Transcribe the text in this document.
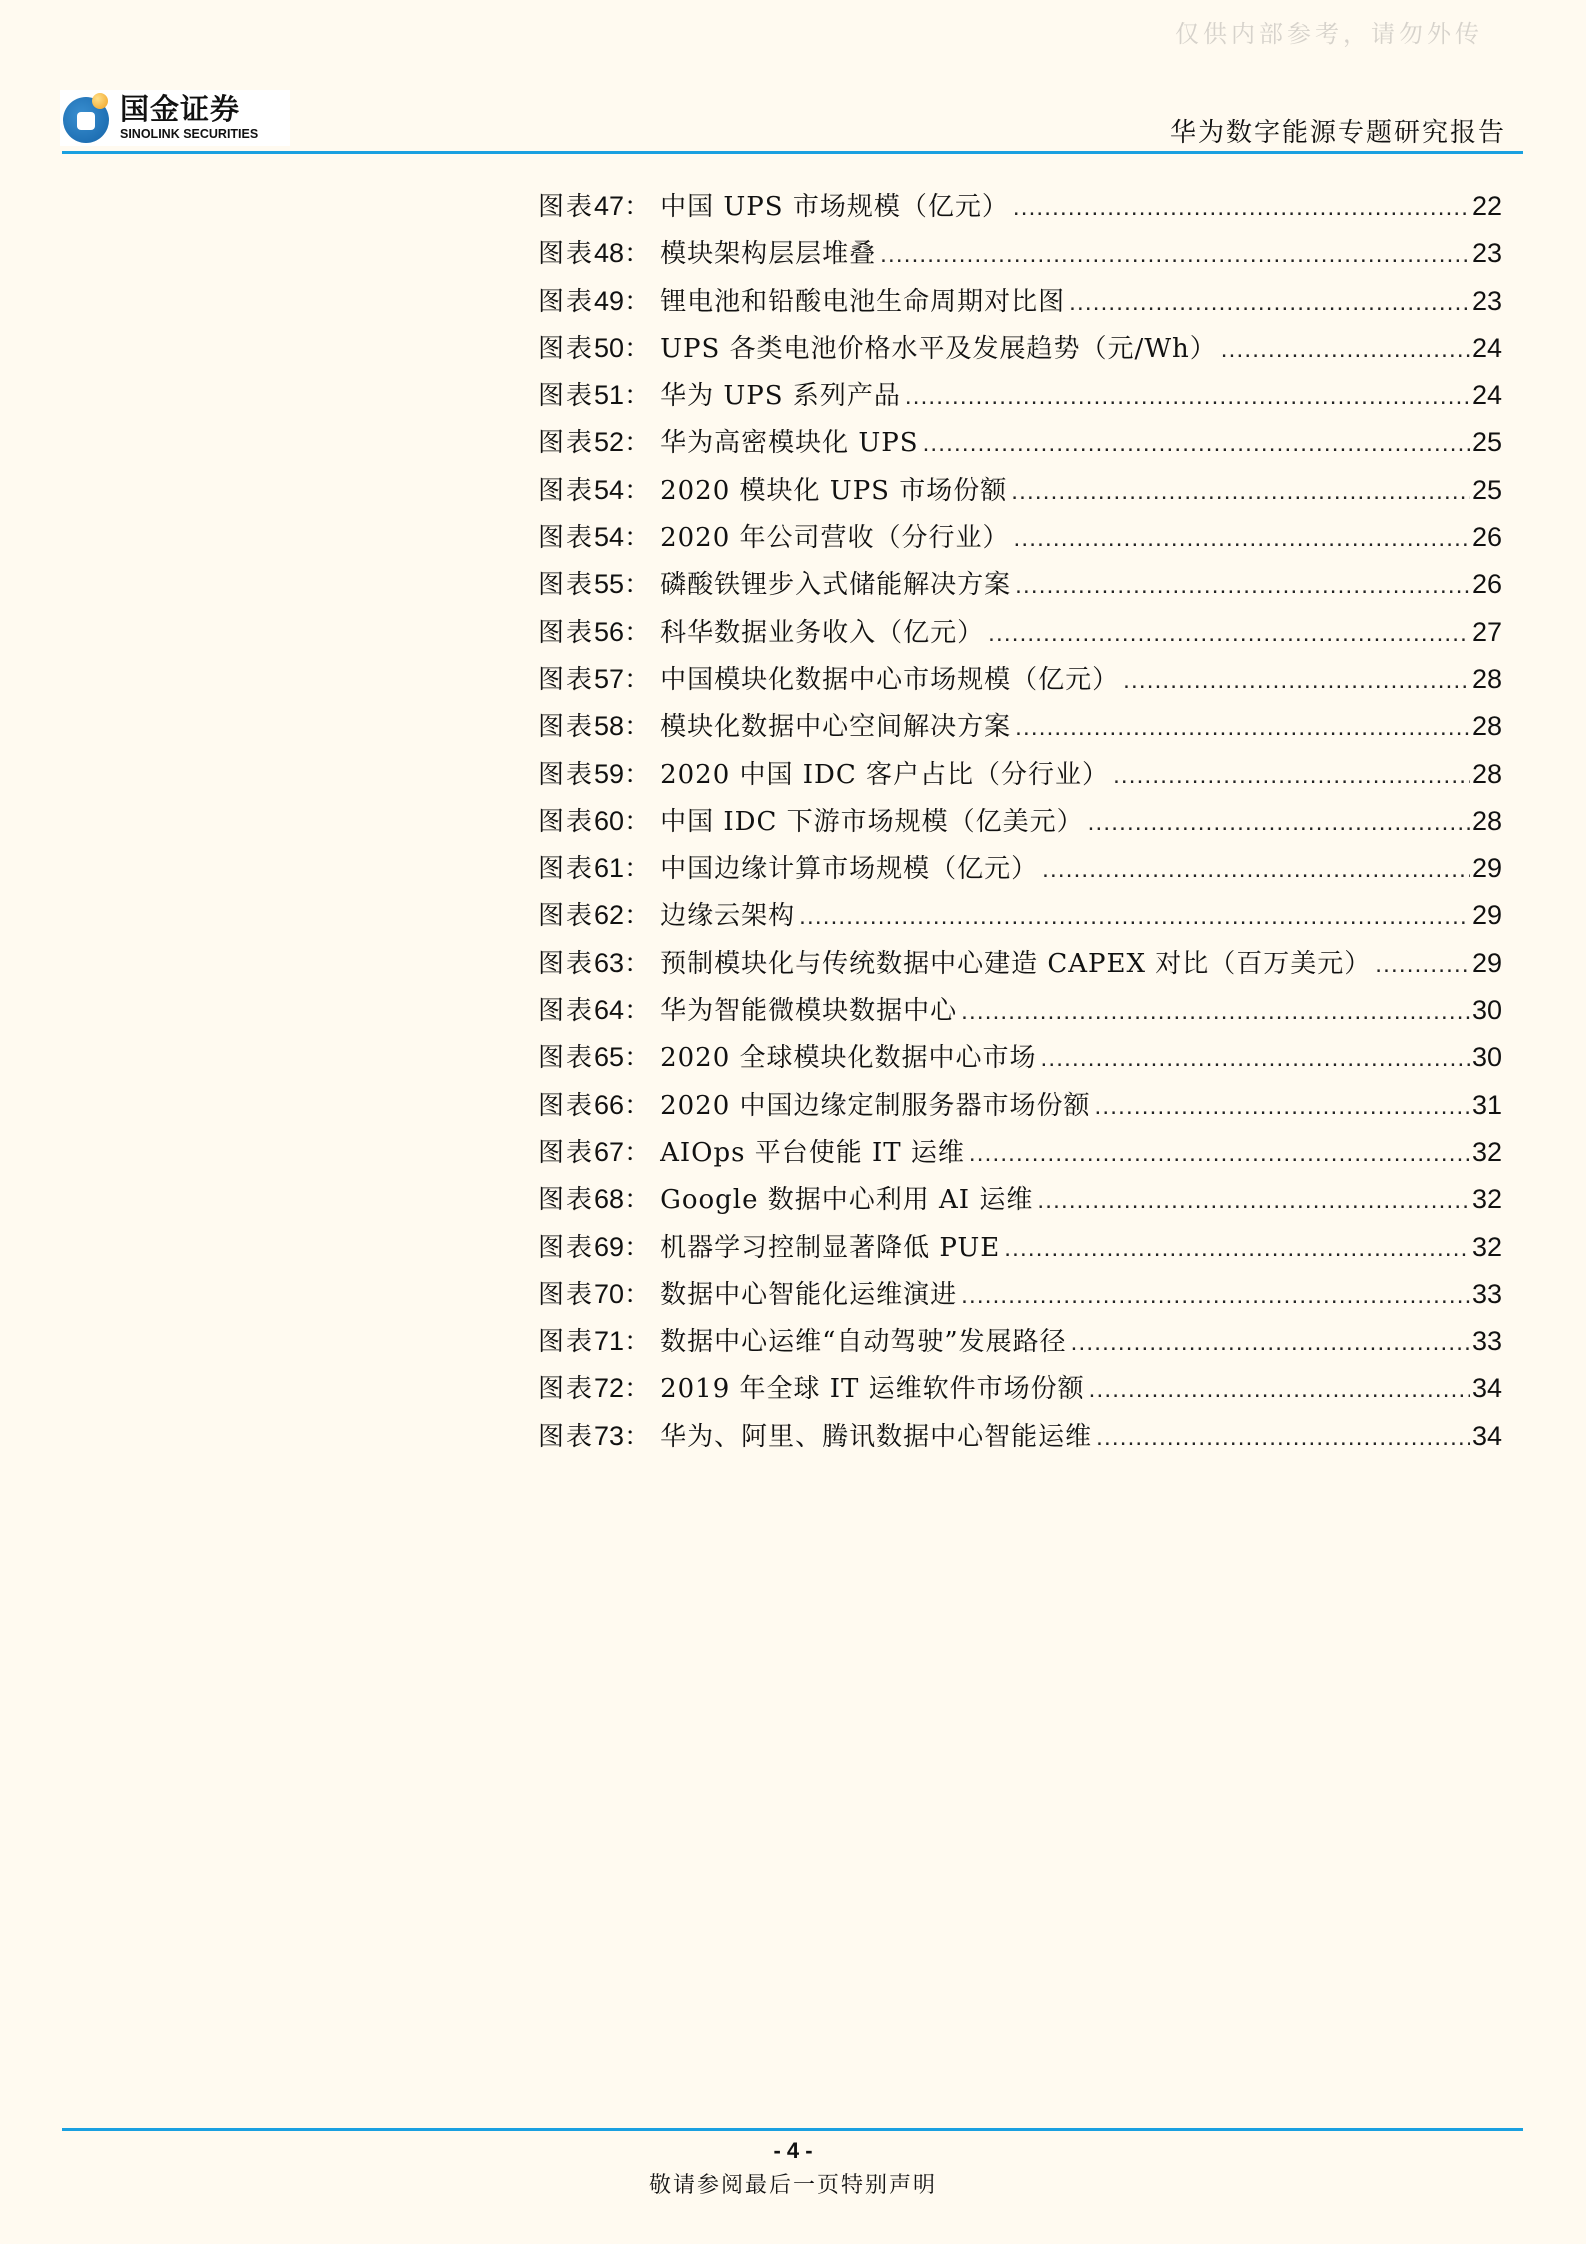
仅供内部参考，请勿外传
国金证券
SINOLINK SECURITIES	华为数字能源专题研究报告
图表 47 ： 中国 UPS 市场规模（亿元） .....	22
图表 48 ： 模块架构层层堆叠 .....	23
图表 49 ： 锂电池和铅酸电池生命周期对比图 .....	23
图表 50 ： UPS 各类电池价格水平及发展趋势（元/Wh） .....	24
图表 51 ： 华为 UPS 系列产品 .....	24
图表 52 ： 华为高密模块化 UPS .....	25
图表 54 ： 2020 模块化 UPS 市场份额 .....	25
图表 54 ： 2020 年公司营收（分行业） .....	26
图表 55 ： 磷酸铁锂步入式储能解决方案 .....	26
图表 56 ： 科华数据业务收入（亿元） .....	27
图表 57 ： 中国模块化数据中心市场规模（亿元） .....	28
图表 58 ： 模块化数据中心空间解决方案 .....	28
图表 59 ： 2020 中国 IDC 客户占比（分行业） .....	28
图表 60 ： 中国 IDC 下游市场规模（亿美元） .....	28
图表 61 ： 中国边缘计算市场规模（亿元） .....	29
图表 62 ： 边缘云架构 .....	29
图表 63 ： 预制模块化与传统数据中心建造 CAPEX 对比（百万美元） .....	29
图表 64 ： 华为智能微模块数据中心 .....	30
图表 65 ： 2020 全球模块化数据中心市场 .....	30
图表 66 ： 2020 中国边缘定制服务器市场份额 .....	31
图表 67 ： AIOps 平台使能 IT 运维 .....	32
图表 68 ： Google 数据中心利用 AI 运维 .....	32
图表 69 ： 机器学习控制显著降低 PUE .....	32
图表 70 ： 数据中心智能化运维演进 .....	33
图表 71 ： 数据中心运维“自动驾驶”发展路径 .....	33
图表 72 ： 2019 年全球 IT 运维软件市场份额 .....	34
图表 73 ： 华为、阿里、腾讯数据中心智能运维 .....	34
- 4 -
敬请参阅最后一页特别声明
